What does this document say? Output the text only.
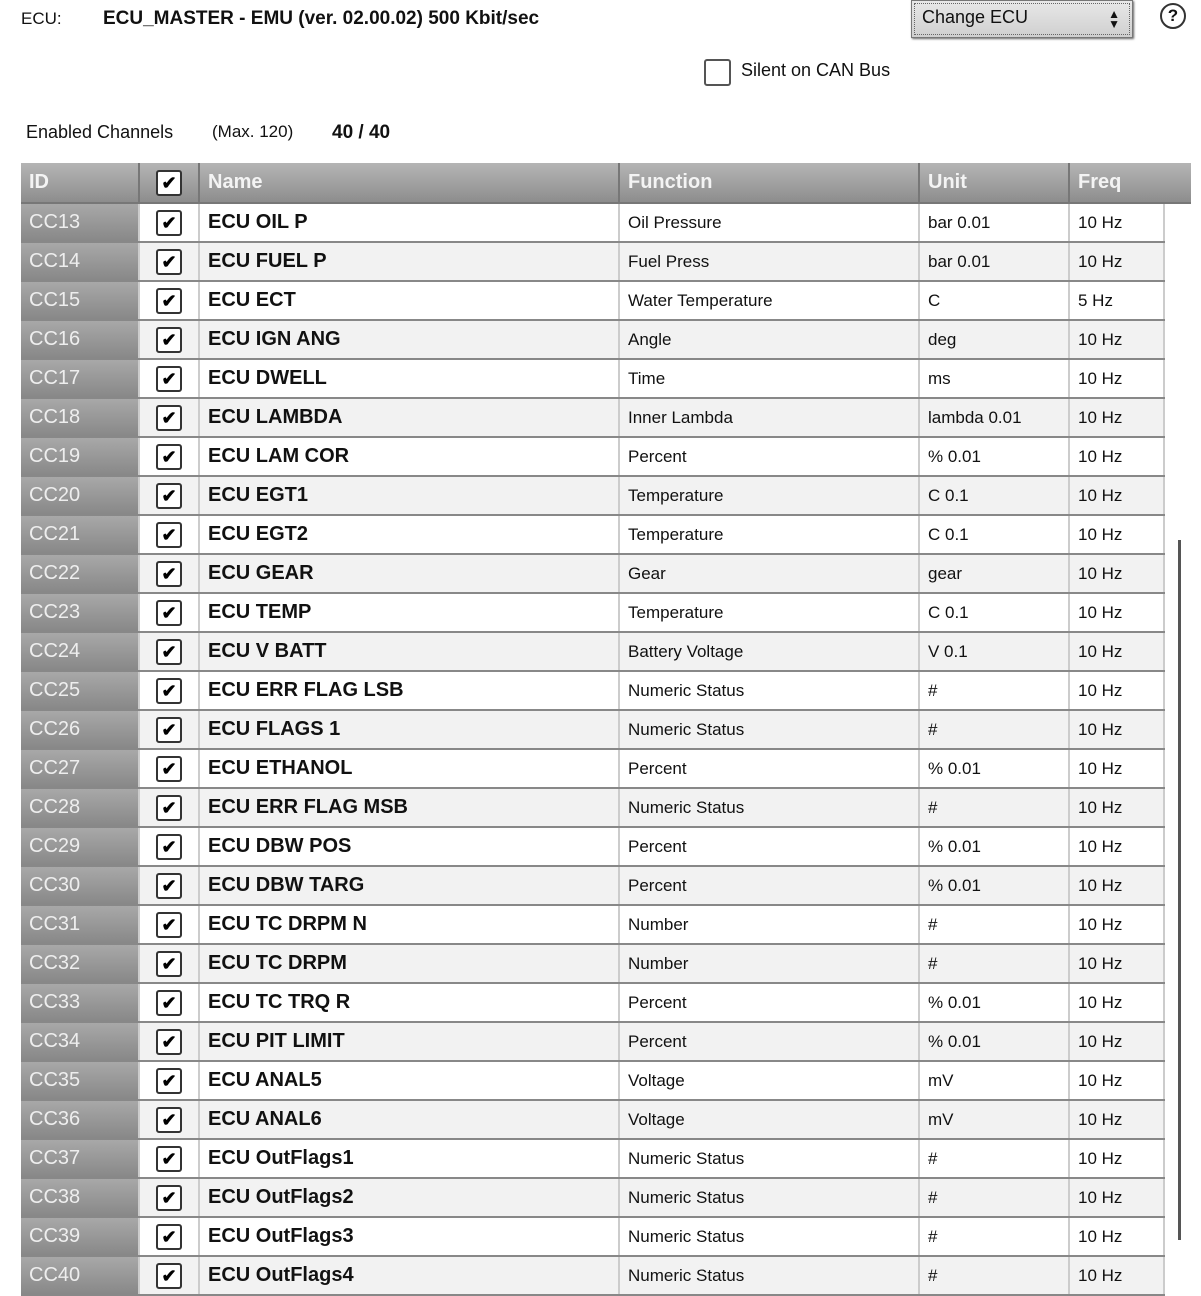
ECU: ECU_MASTER - EMU (ver. 02.00.02) 500 Kbit/sec	Change ECU	▲
▼	?
Silent on CAN Bus
Enabled Channels (Max. 120) 40 / 40
ID	✔	Name	Function	Unit	Freq
CC13	✔	ECU OIL P	Oil Pressure	bar 0.01	10 Hz
CC14	✔	ECU FUEL P	Fuel Press	bar 0.01	10 Hz
CC15	✔	ECU ECT	Water Temperature	C	5 Hz
CC16	✔	ECU IGN ANG	Angle	deg	10 Hz
CC17	✔	ECU DWELL	Time	ms	10 Hz
CC18	✔	ECU LAMBDA	Inner Lambda	lambda 0.01	10 Hz
CC19	✔	ECU LAM COR	Percent	% 0.01	10 Hz
CC20	✔	ECU EGT1	Temperature	C 0.1	10 Hz
CC21	✔	ECU EGT2	Temperature	C 0.1	10 Hz
CC22	✔	ECU GEAR	Gear	gear	10 Hz
CC23	✔	ECU TEMP	Temperature	C 0.1	10 Hz
CC24	✔	ECU V BATT	Battery Voltage	V 0.1	10 Hz
CC25	✔	ECU ERR FLAG LSB	Numeric Status	#	10 Hz
CC26	✔	ECU FLAGS 1	Numeric Status	#	10 Hz
CC27	✔	ECU ETHANOL	Percent	% 0.01	10 Hz
CC28	✔	ECU ERR FLAG MSB	Numeric Status	#	10 Hz
CC29	✔	ECU DBW POS	Percent	% 0.01	10 Hz
CC30	✔	ECU DBW TARG	Percent	% 0.01	10 Hz
CC31	✔	ECU TC DRPM N	Number	#	10 Hz
CC32	✔	ECU TC DRPM	Number	#	10 Hz
CC33	✔	ECU TC TRQ R	Percent	% 0.01	10 Hz
CC34	✔	ECU PIT LIMIT	Percent	% 0.01	10 Hz
CC35	✔	ECU ANAL5	Voltage	mV	10 Hz
CC36	✔	ECU ANAL6	Voltage	mV	10 Hz
CC37	✔	ECU OutFlags1	Numeric Status	#	10 Hz
CC38	✔	ECU OutFlags2	Numeric Status	#	10 Hz
CC39	✔	ECU OutFlags3	Numeric Status	#	10 Hz
CC40	✔	ECU OutFlags4	Numeric Status	#	10 Hz
